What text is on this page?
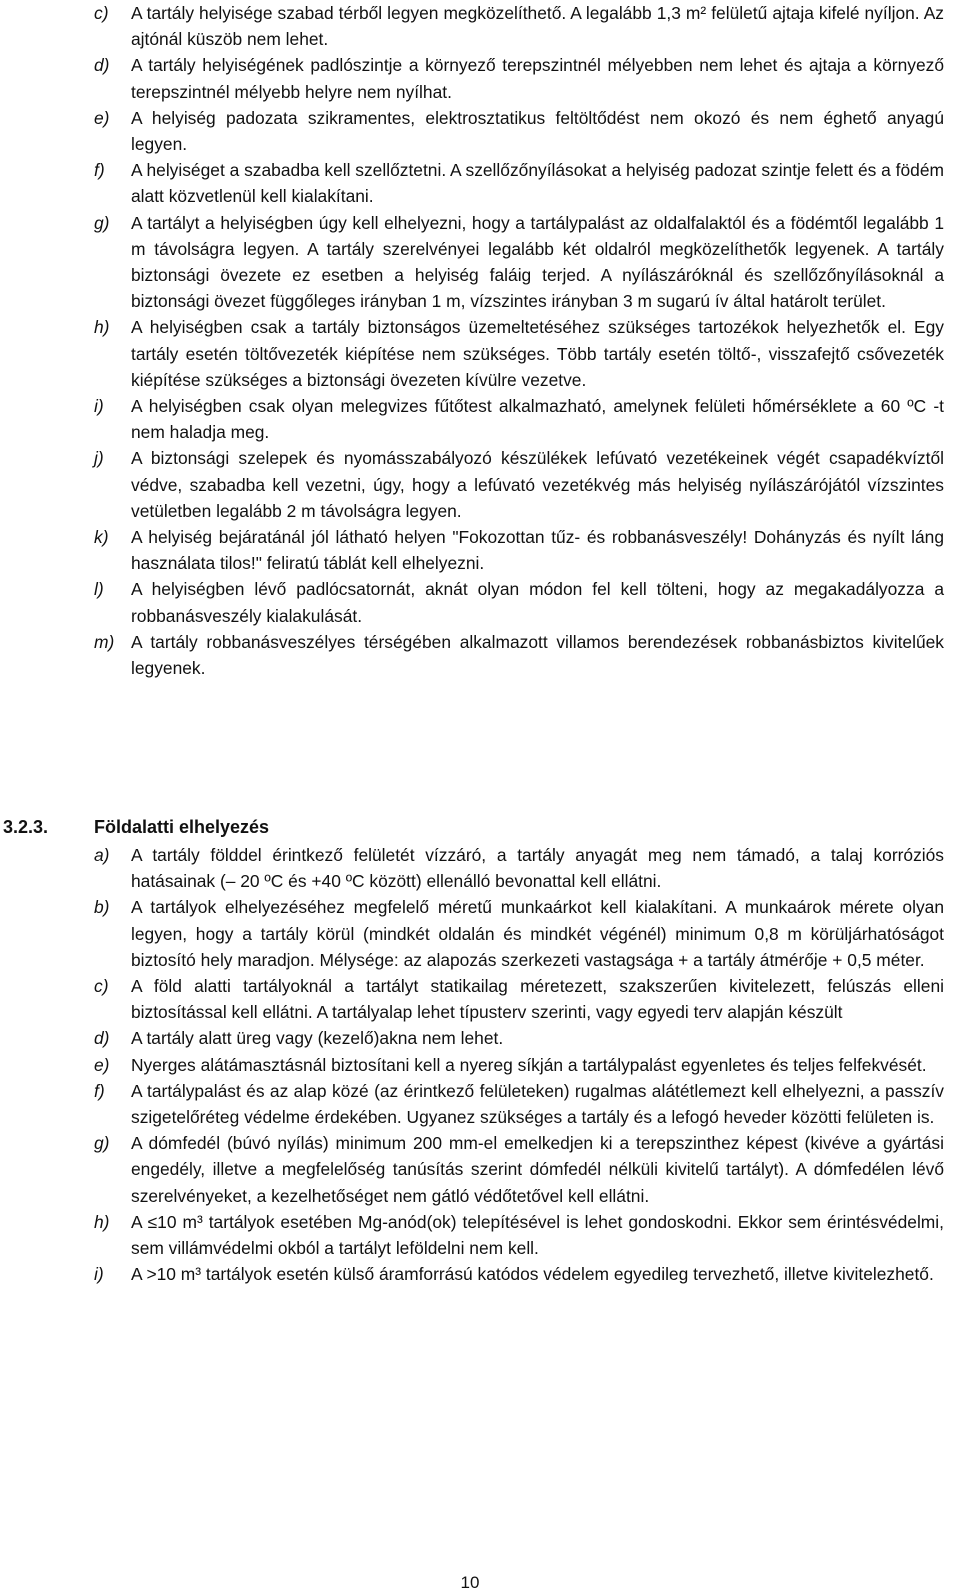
c)	A tartály helyisége szabad térből legyen megközelíthető. A legalább 1,3 m² felületű ajtaja kifelé nyíljon. Az ajtónál küszöb nem lehet.
d)	A tartály helyiségének padlószintje a környező terepszintnél mélyebben nem lehet és ajtaja a környező terepszintnél mélyebb helyre nem nyílhat.
e)	A helyiség padozata szikramentes, elektrosztatikus feltöltődést nem okozó és nem éghető anyagú legyen.
f)	A helyiséget a szabadba kell szellőztetni. A szellőzőnyílásokat a helyiség padozat szintje felett és a födém alatt közvetlenül kell kialakítani.
g)	A tartályt a helyiségben úgy kell elhelyezni, hogy a tartálypalást az oldalfalaktól és a födémtől legalább 1 m távolságra legyen. A tartály szerelvényei legalább két oldalról megközelíthetők legyenek. A tartály biztonsági övezete ez esetben a helyiség faláig terjed. A nyílászáróknál és szellőzőnyílásoknál a biztonsági övezet függőleges irányban 1 m, vízszintes irányban 3 m sugarú ív által határolt terület.
h)	A helyiségben csak a tartály biztonságos üzemeltetéséhez szükséges tartozékok helyezhetők el. Egy tartály esetén töltővezeték kiépítése nem szükséges. Több tartály esetén töltő-, visszafejtő csővezeték kiépítése szükséges a biztonsági övezeten kívülre vezetve.
i)	A helyiségben csak olyan melegvizes fűtőtest alkalmazható, amelynek felületi hőmérséklete a 60 ºC -t nem haladja meg.
j)	A biztonsági szelepek és nyomásszabályozó készülékek lefúvató vezetékeinek végét csapadékvíztől védve, szabadba kell vezetni, úgy, hogy a lefúvató vezetékvég más helyiség nyílászárójától vízszintes vetületben legalább 2 m távolságra legyen.
k)	A helyiség bejáratánál jól látható helyen "Fokozottan tűz- és robbanásveszély! Dohányzás és nyílt láng használata tilos!" feliratú táblát kell elhelyezni.
l)	A helyiségben lévő padlócsatornát, aknát olyan módon fel kell tölteni, hogy az megakadályozza a robbanásveszély kialakulását.
m) A tartály robbanásveszélyes térségében alkalmazott villamos berendezések robbanásbiztos kivitelűek legyenek.
3.2.3.	Földalatti elhelyezés
a)	A tartály földdel érintkező felületét vízzáró, a tartály anyagát meg nem támadó, a talaj korróziós hatásainak (– 20 ºC és +40 ºC között) ellenálló bevonattal kell ellátni.
b)	A tartályok elhelyezéséhez megfelelő méretű munkaárkot kell kialakítani. A munkaárok mérete olyan legyen, hogy a tartály körül (mindkét oldalán és mindkét végénél) minimum 0,8 m körüljárhatóságot biztosító hely maradjon. Mélysége: az alapozás szerkezeti vastagsága + a tartály átmérője + 0,5 méter.
c)	A föld alatti tartályoknál a tartályt statikailag méretezett, szakszerűen kivitelezett, felúszás elleni biztosítással kell ellátni. A tartályalap lehet típusterv szerinti, vagy egyedi terv alapján készült
d)	A tartály alatt üreg vagy (kezelő)akna nem lehet.
e)	Nyerges alátámasztásnál biztosítani kell a nyereg síkján a tartálypalást egyenletes és teljes felfekvését.
f)	A tartálypalást és az alap közé (az érintkező felületeken) rugalmas alátétlemezt kell elhelyezni, a passzív szigetelőréteg védelme érdekében. Ugyanez szükséges a tartály és a lefogó heveder közötti felületen is.
g)	A dómfedél (búvó nyílás) minimum 200 mm-el emelkedjen ki a terepszinthez képest (kivéve a gyártási engedély, illetve a megfelelőség tanúsítás szerint dómfedél nélküli kivitelű tartályt). A dómfedélen lévő szerelvényeket, a kezelhetőséget nem gátló védőtetővel kell ellátni.
h)	A ≤10 m³ tartályok esetében Mg-anód(ok) telepítésével is lehet gondoskodni. Ekkor sem érintésvédelmi, sem villámvédelmi okból a tartályt leföldelni nem kell.
i)	A >10 m³ tartályok esetén külső áramforrású katódos védelem egyedileg tervezhető, illetve kivitelezhető.
10
